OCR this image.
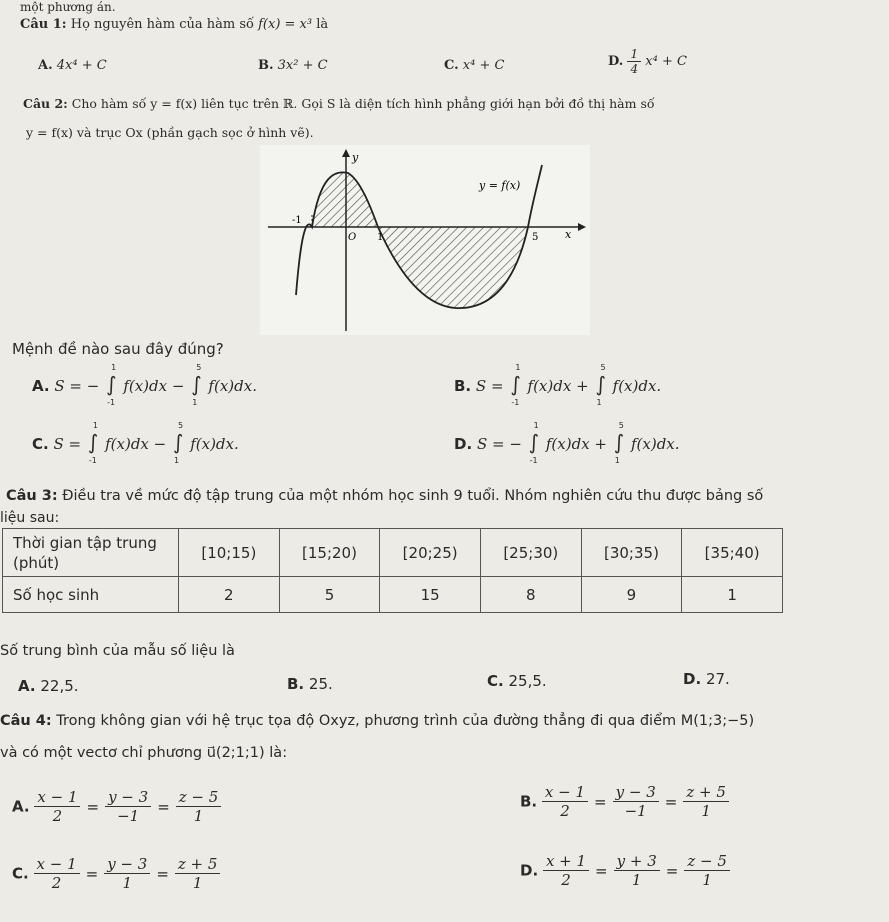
một phương án.
Câu 1: Họ nguyên hàm của hàm số f(x) = x³ là
A. 4x⁴ + C	B. 3x² + C	C. x⁴ + C	D. $\frac{1}{4} x^4 + C$
Câu 2: Cho hàm số y = f(x) liên tục trên ℝ. Gọi S là diện tích hình phẳng giới hạn bởi đồ thị hàm số
y = f(x) và trục Ox (phần gạch sọc ở hình vẽ).
y
x
y = f(x)
-1
O 1	5
Mệnh đề nào sau đây đúng?
A. S = − ∫
1
-1
f(x)dx − ∫
5
1
f(x)dx.	B. S = ∫
1
-1
f(x)dx + ∫
5
1
f(x)dx.
C. S = ∫
1
-1
f(x)dx − ∫
5
1
f(x)dx.	D. S = − ∫
1
-1
f(x)dx + ∫
5
1
f(x)dx.
Câu 3: Điều tra về mức độ tập trung của một nhóm học sinh 9 tuổi. Nhóm nghiên cứu thu được bảng số
liệu sau:
Thời gian tập trung (phút)	[10;15)	[15;20)	[20;25)	[25;30)	[30;35)	[35;40)
Số học sinh	2	5	15	8	9	1
Số trung bình của mẫu số liệu là
A. 22,5.	B. 25.	C. 25,5.	D. 27.
Câu 4: Trong không gian với hệ trục tọa độ Oxyz, phương trình của đường thẳng đi qua điểm M(1;3;−5)
và có một vectơ chỉ phương u⃗(2;1;1) là:
A. $\frac{x - 1}{2} = \frac{y - 3}{-1} = \frac{z - 5}{1}$	B. $\frac{x - 1}{2} = \frac{y - 3}{-1} = \frac{z + 5}{1}$
C. $\frac{x - 1}{2} = \frac{y - 3}{1} = \frac{z + 5}{1}$	D. $\frac{x + 1}{2} = \frac{y + 3}{1} = \frac{z - 5}{1}$
